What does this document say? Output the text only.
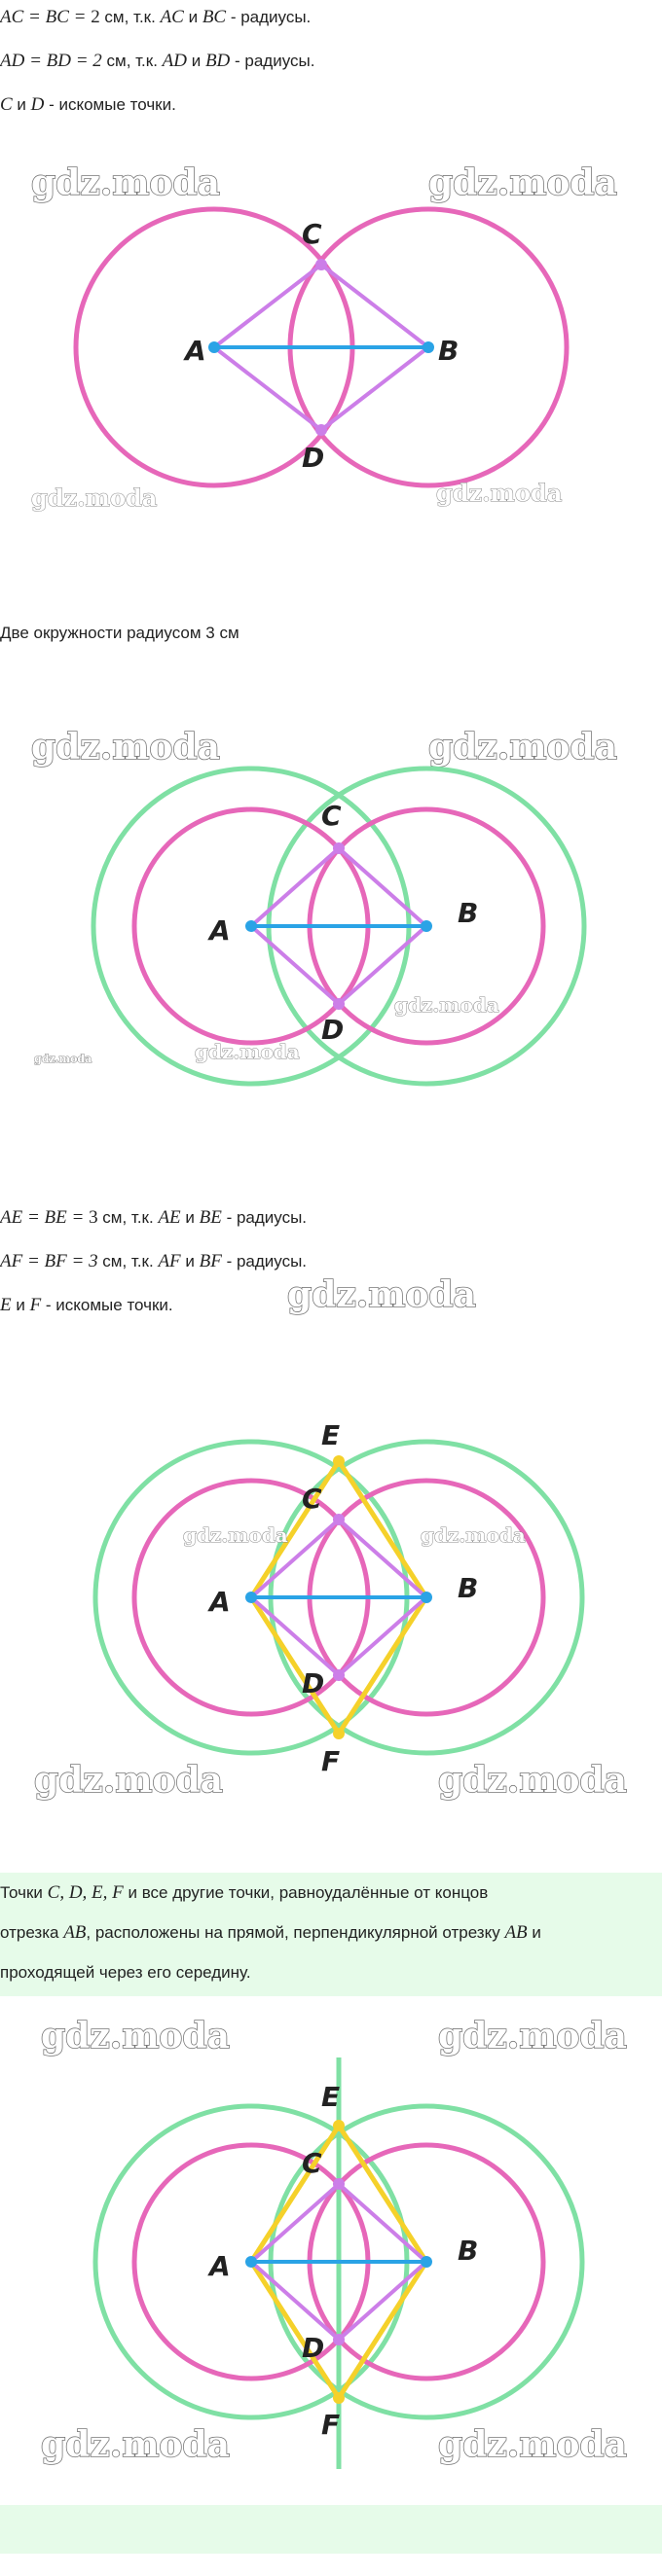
AC = BC = 2 см, т.к. AC и BC - радиусы.
AD = BD = 2 см, т.к. AD и BD - радиусы.
C и D - искомые точки.
gdz.moda	gdz.moda
A	B
C
D
gdz.moda	gdz.moda
Две окружности радиусом 3 см
gdz.moda	gdz.moda
A
B
C
D
gdz.moda
gdz.moda
gdz.moda
AE = BE = 3 см, т.к. AE и BE - радиусы.
AF = BF = 3 см, т.к. AF и BF - радиусы.
E и F - искомые точки.	gdz.moda
A	B
C
D
E
F
gdz.moda	gdz.moda
gdz.moda	gdz.moda
Точки C, D, E, F и все другие точки, равноудалённые от концов
отрезка AB, расположены на прямой, перпендикулярной отрезку AB и
проходящей через его середину.
gdz.moda	gdz.moda
A	B
C
D
E
F
gdz.moda	gdz.moda
